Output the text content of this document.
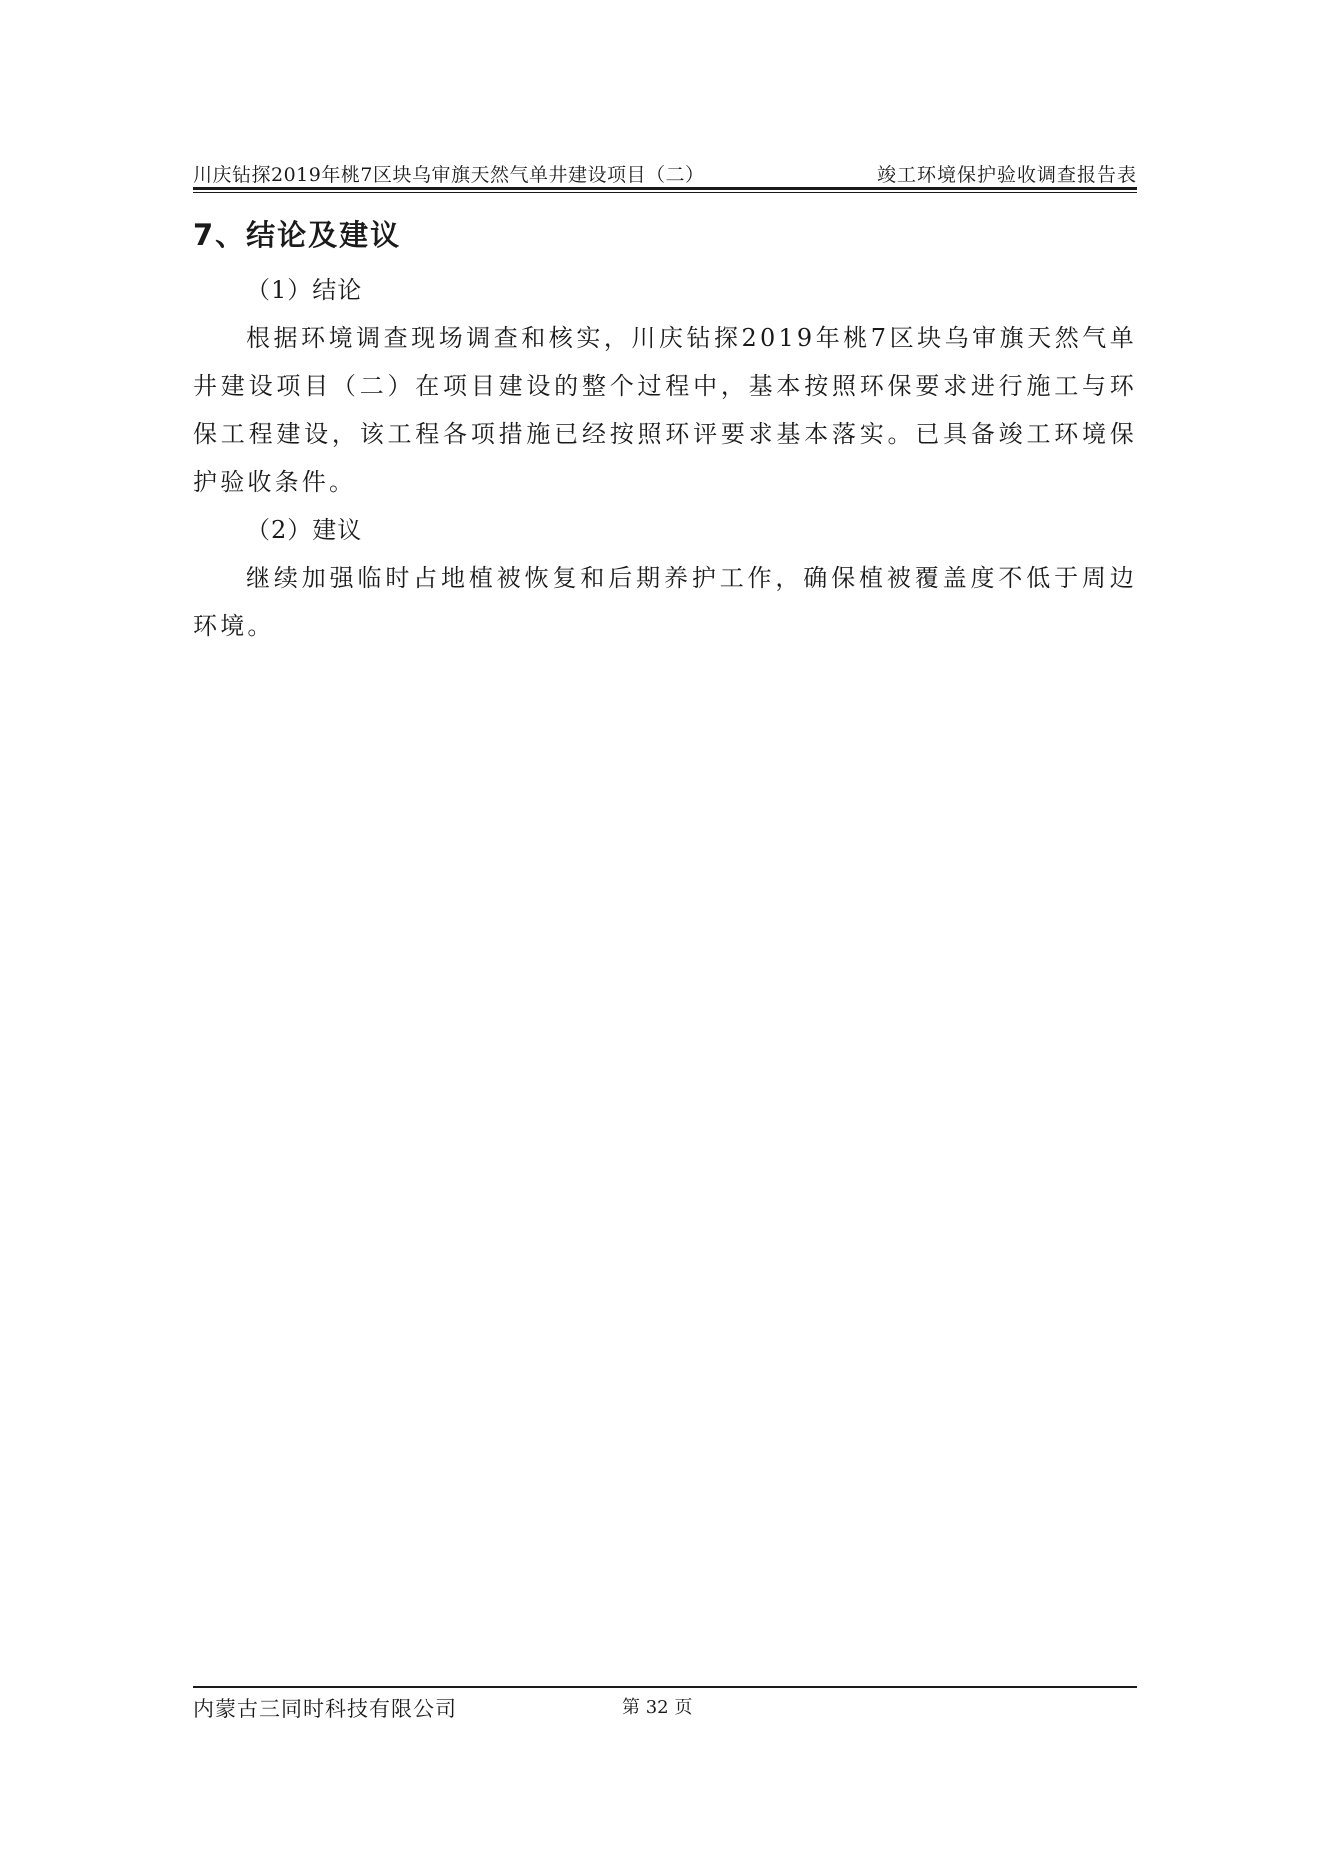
川庆钻探2019年桃7区块乌审旗天然气单井建设项目（二）	竣工环境保护验收调查报告表
7、结论及建议
（1）结论

根据环境调查现场调查和核实，川庆钻探2019年桃7区块乌审旗天然气单井建设项目（二）在项目建设的整个过程中，基本按照环保要求进行施工与环保工程建设，该工程各项措施已经按照环评要求基本落实。已具备竣工环境保护验收条件。

（2）建议

继续加强临时占地植被恢复和后期养护工作，确保植被覆盖度不低于周边环境。

内蒙古三同时科技有限公司	第 32 页
